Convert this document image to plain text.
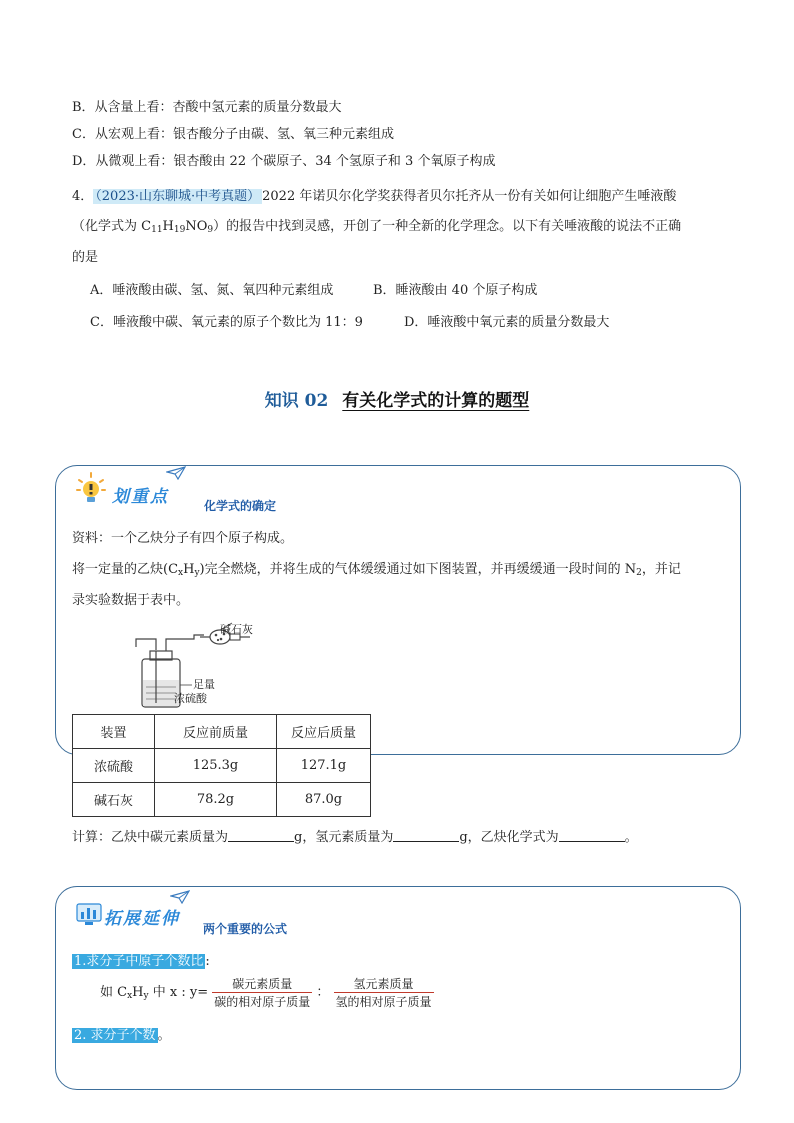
B．从含量上看：杏酸中氢元素的质量分数最大
C．从宏观上看：银杏酸分子由碳、氢、氧三种元素组成
D．从微观上看：银杏酸由 22 个碳原子、34 个氢原子和 3 个氧原子构成
4． （2023·山东聊城·中考真题） 2022 年诺贝尔化学奖获得者贝尔托齐从一份有关如何让细胞产生唾液酸
（化学式为 $C_{11}H_{19}NO_9$）的报告中找到灵感，开创了一种全新的化学理念。以下有关唾液酸的说法不正确
的是
A．唾液酸由碳、氢、氮、氧四种元素组成	B．睡液酸由 40 个原子构成
C．唾液酸中碳、氧元素的原子个数比为 11：9	D．唾液酸中氧元素的质量分数最大
知识 02 有关化学式的计算的题型
划重点	化学式的确定
资料：一个乙炔分子有四个原子构成。
将一定量的乙炔$(C_xH_y)$完全燃烧，并将生成的气体缓缓通过如下图装置，并再缓缓通一段时间的 $N_2$，并记
录实验数据于表中。
碱石灰
足量
浓硫酸
装置	反应前质量	反应后质量
浓硫酸	125.3g	127.1g
碱石灰	78.2g	87.0g
计算：乙炔中碳元素质量为	g，氢元素质量为	g，乙炔化学式为	。
拓展延伸 两个重要的公式
1.求分子中原子个数比 :
如 $C_xH_y$ 中 x : $y= \frac{\text{碳元素质量}}{\text{碳的相对原子质量}}$ ： $\frac{\text{氢元素质量}}{\text{氢的相对原子质量}}$
2. 求分子个数 。
